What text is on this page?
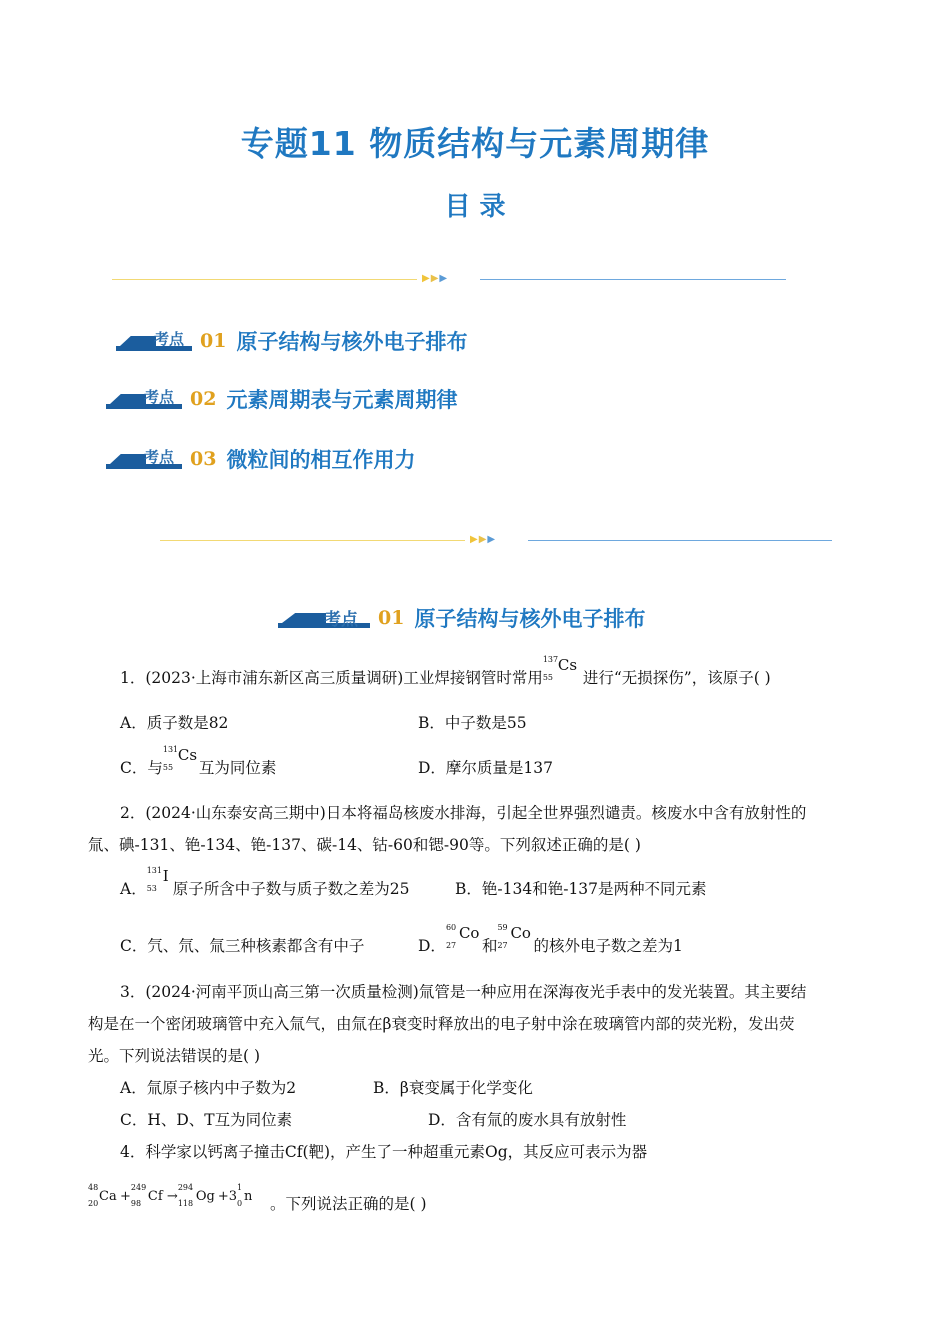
专题11 物质结构与元素周期律
目 录
▶▶▶
考点 01 原子结构与核外电子排布
考点 02 元素周期表与元素周期律
考点 03 微粒间的相互作用力
▶▶▶
考点 01 原子结构与核外电子排布
1．(2023·上海市浦东新区高三质量调研)工业焊接钢管时常用
137
55
Cs
进行“无损探伤”，该原子( )
A．质子数是82	B．中子数是55
C．与
131
55
Cs
互为同位素	D．摩尔质量是137
2．(2024·山东泰安高三期中)日本将福岛核废水排海，引起全世界强烈谴责。核废水中含有放射性的
氚、碘-131、铯-134、铯-137、碳-14、钴-60和锶-90等。下列叙述正确的是( )
A．
131
53
I
原子所含中子数与质子数之差为25	B．铯-134和铯-137是两种不同元素
C．氕、氘、氚三种核素都含有中子	D．
60
27
Co
和
59
27
Co
的核外电子数之差为1
3．(2024·河南平顶山高三第一次质量检测)氚管是一种应用在深海夜光手表中的发光装置。其主要结
构是在一个密闭玻璃管中充入氚气，由氚在β衰变时释放出的电子射中涂在玻璃管内部的荧光粉，发出荧
光。下列说法错误的是( )
A．氚原子核内中子数为2	B．β衰变属于化学变化
C．H、D、T互为同位素	D．含有氚的废水具有放射性
4．科学家以钙离子撞击Cf(靶)，产生了一种超重元素Og，其反应可表示为器
48
20 Ca +
249
98 Cf →
294
118 Og +3
1
0 n 。下列说法正确的是( )
